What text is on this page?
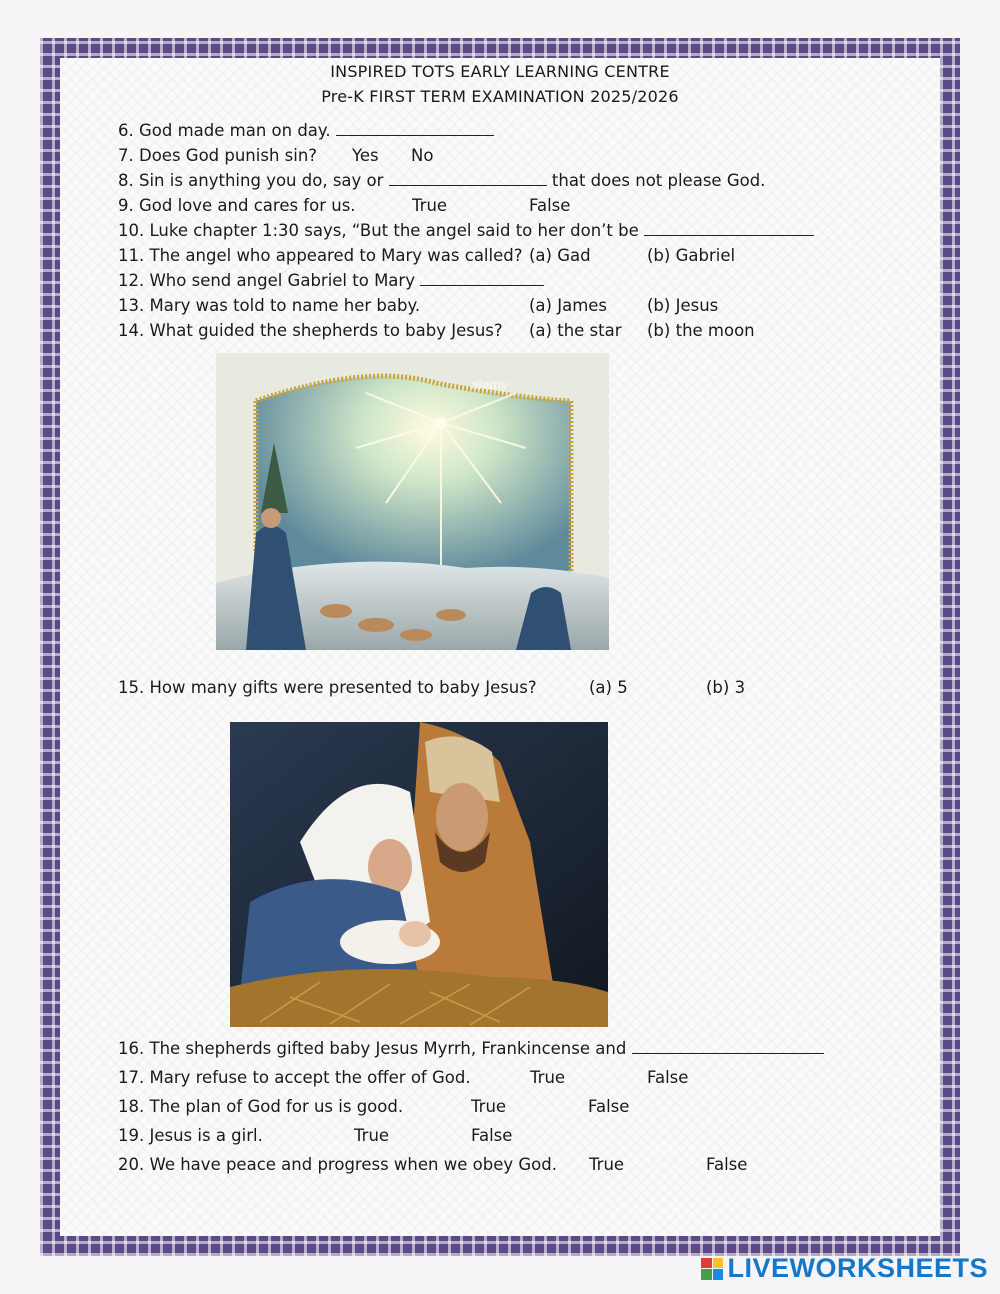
INSPIRED TOTS EARLY LEARNING CENTRE
Pre-K FIRST TERM EXAMINATION 2025/2026
6. God made man on day.
7. Does God punish sin? Yes No
8. Sin is anything you do, say or	that does not please God.
9. God love and cares for us.	True	False
10. Luke chapter 1:30 says, “But the angel said to her don’t be
11. The angel who appeared to Mary was called? (a) Gad	(b) Gabriel
12. Who send angel Gabriel to Mary
13. Mary was told to name her baby.	(a) James (b) Jesus
14. What guided the shepherds to baby Jesus? (a) the star (b) the moon
alamy
15. How many gifts were presented to baby Jesus?	(a) 5	(b) 3
16. The shepherds gifted baby Jesus Myrrh, Frankincense and
17. Mary refuse to accept the offer of God.	True	False
18. The plan of God for us is good.	True	False
19. Jesus is a girl.	True	False
20. We have peace and progress when we obey God. True	False
LIVEWORKSHEETS
